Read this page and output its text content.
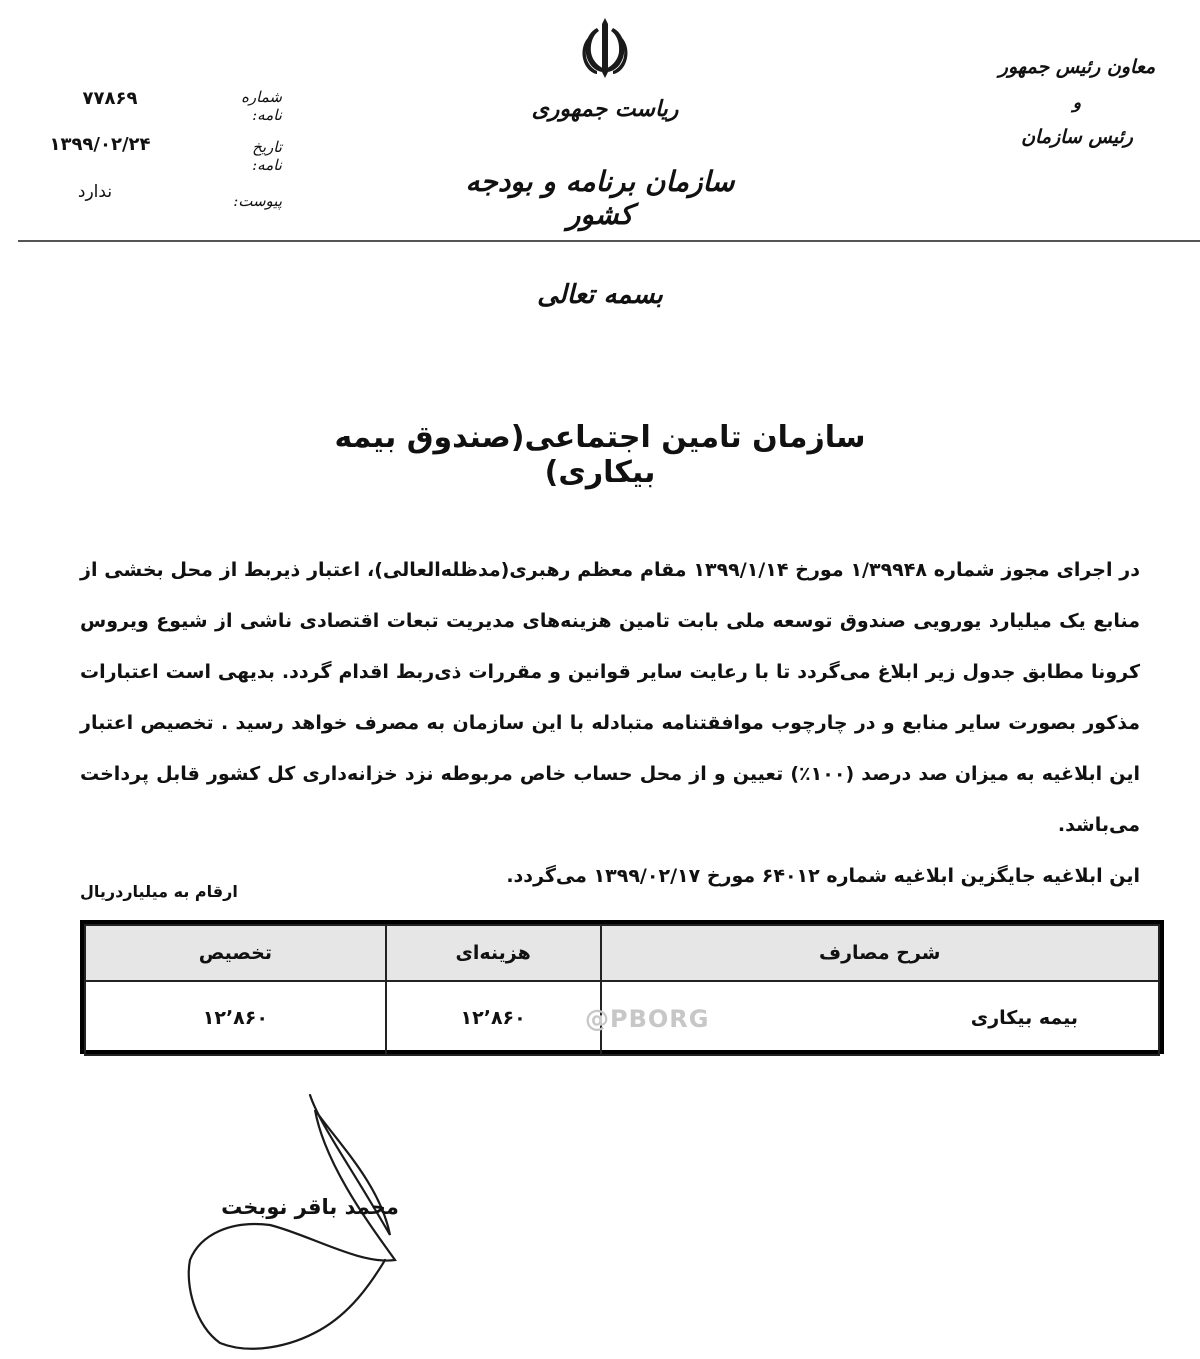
معاون رئیس جمهور
و
رئیس سازمان
ریاست جمهوری
سازمان برنامه و بودجه کشور
شماره نامه:
۷۷۸۶۹
تاریخ نامه:
۱۳۹۹/۰۲/۲۴
پیوست:
ندارد
بسمه تعالی
سازمان تامین اجتماعی(صندوق بیمه بیکاری)

در اجرای مجوز شماره ۱/۳۹۹۴۸ مورخ ۱۳۹۹/۱/۱۴ مقام معظم رهبری(مدظله‌العالی)، اعتبار ذیربط از محل بخشی از منابع یک میلیارد یورویی صندوق توسعه ملی بابت تامین هزینه‌های مدیریت تبعات اقتصادی ناشی از شیوع ویروس کرونا مطابق جدول زیر ابلاغ می‌گردد تا با رعایت سایر قوانین و مقررات ذی‌ربط اقدام گردد. بدیهی است اعتبارات مذکور بصورت سایر منابع و در چارچوب موافقتنامه متبادله با این سازمان به مصرف خواهد رسید . تخصیص اعتبار این ابلاغیه به میزان صد درصد (۱۰۰٪) تعیین و از محل حساب خاص مربوطه نزد خزانه‌داری کل کشور قابل پرداخت می‌باشد.

این ابلاغیه جایگزین ابلاغیه شماره ۶۴۰۱۲ مورخ ۱۳۹۹/۰۲/۱۷ می‌گردد.

ارقام به میلیاردریال
شرح مصارف	هزینه‌ای	تخصیص
بیمه بیکاری	۱۲٬۸۶۰	۱۲٬۸۶۰	@PBORG
محمد باقر نوبخت
